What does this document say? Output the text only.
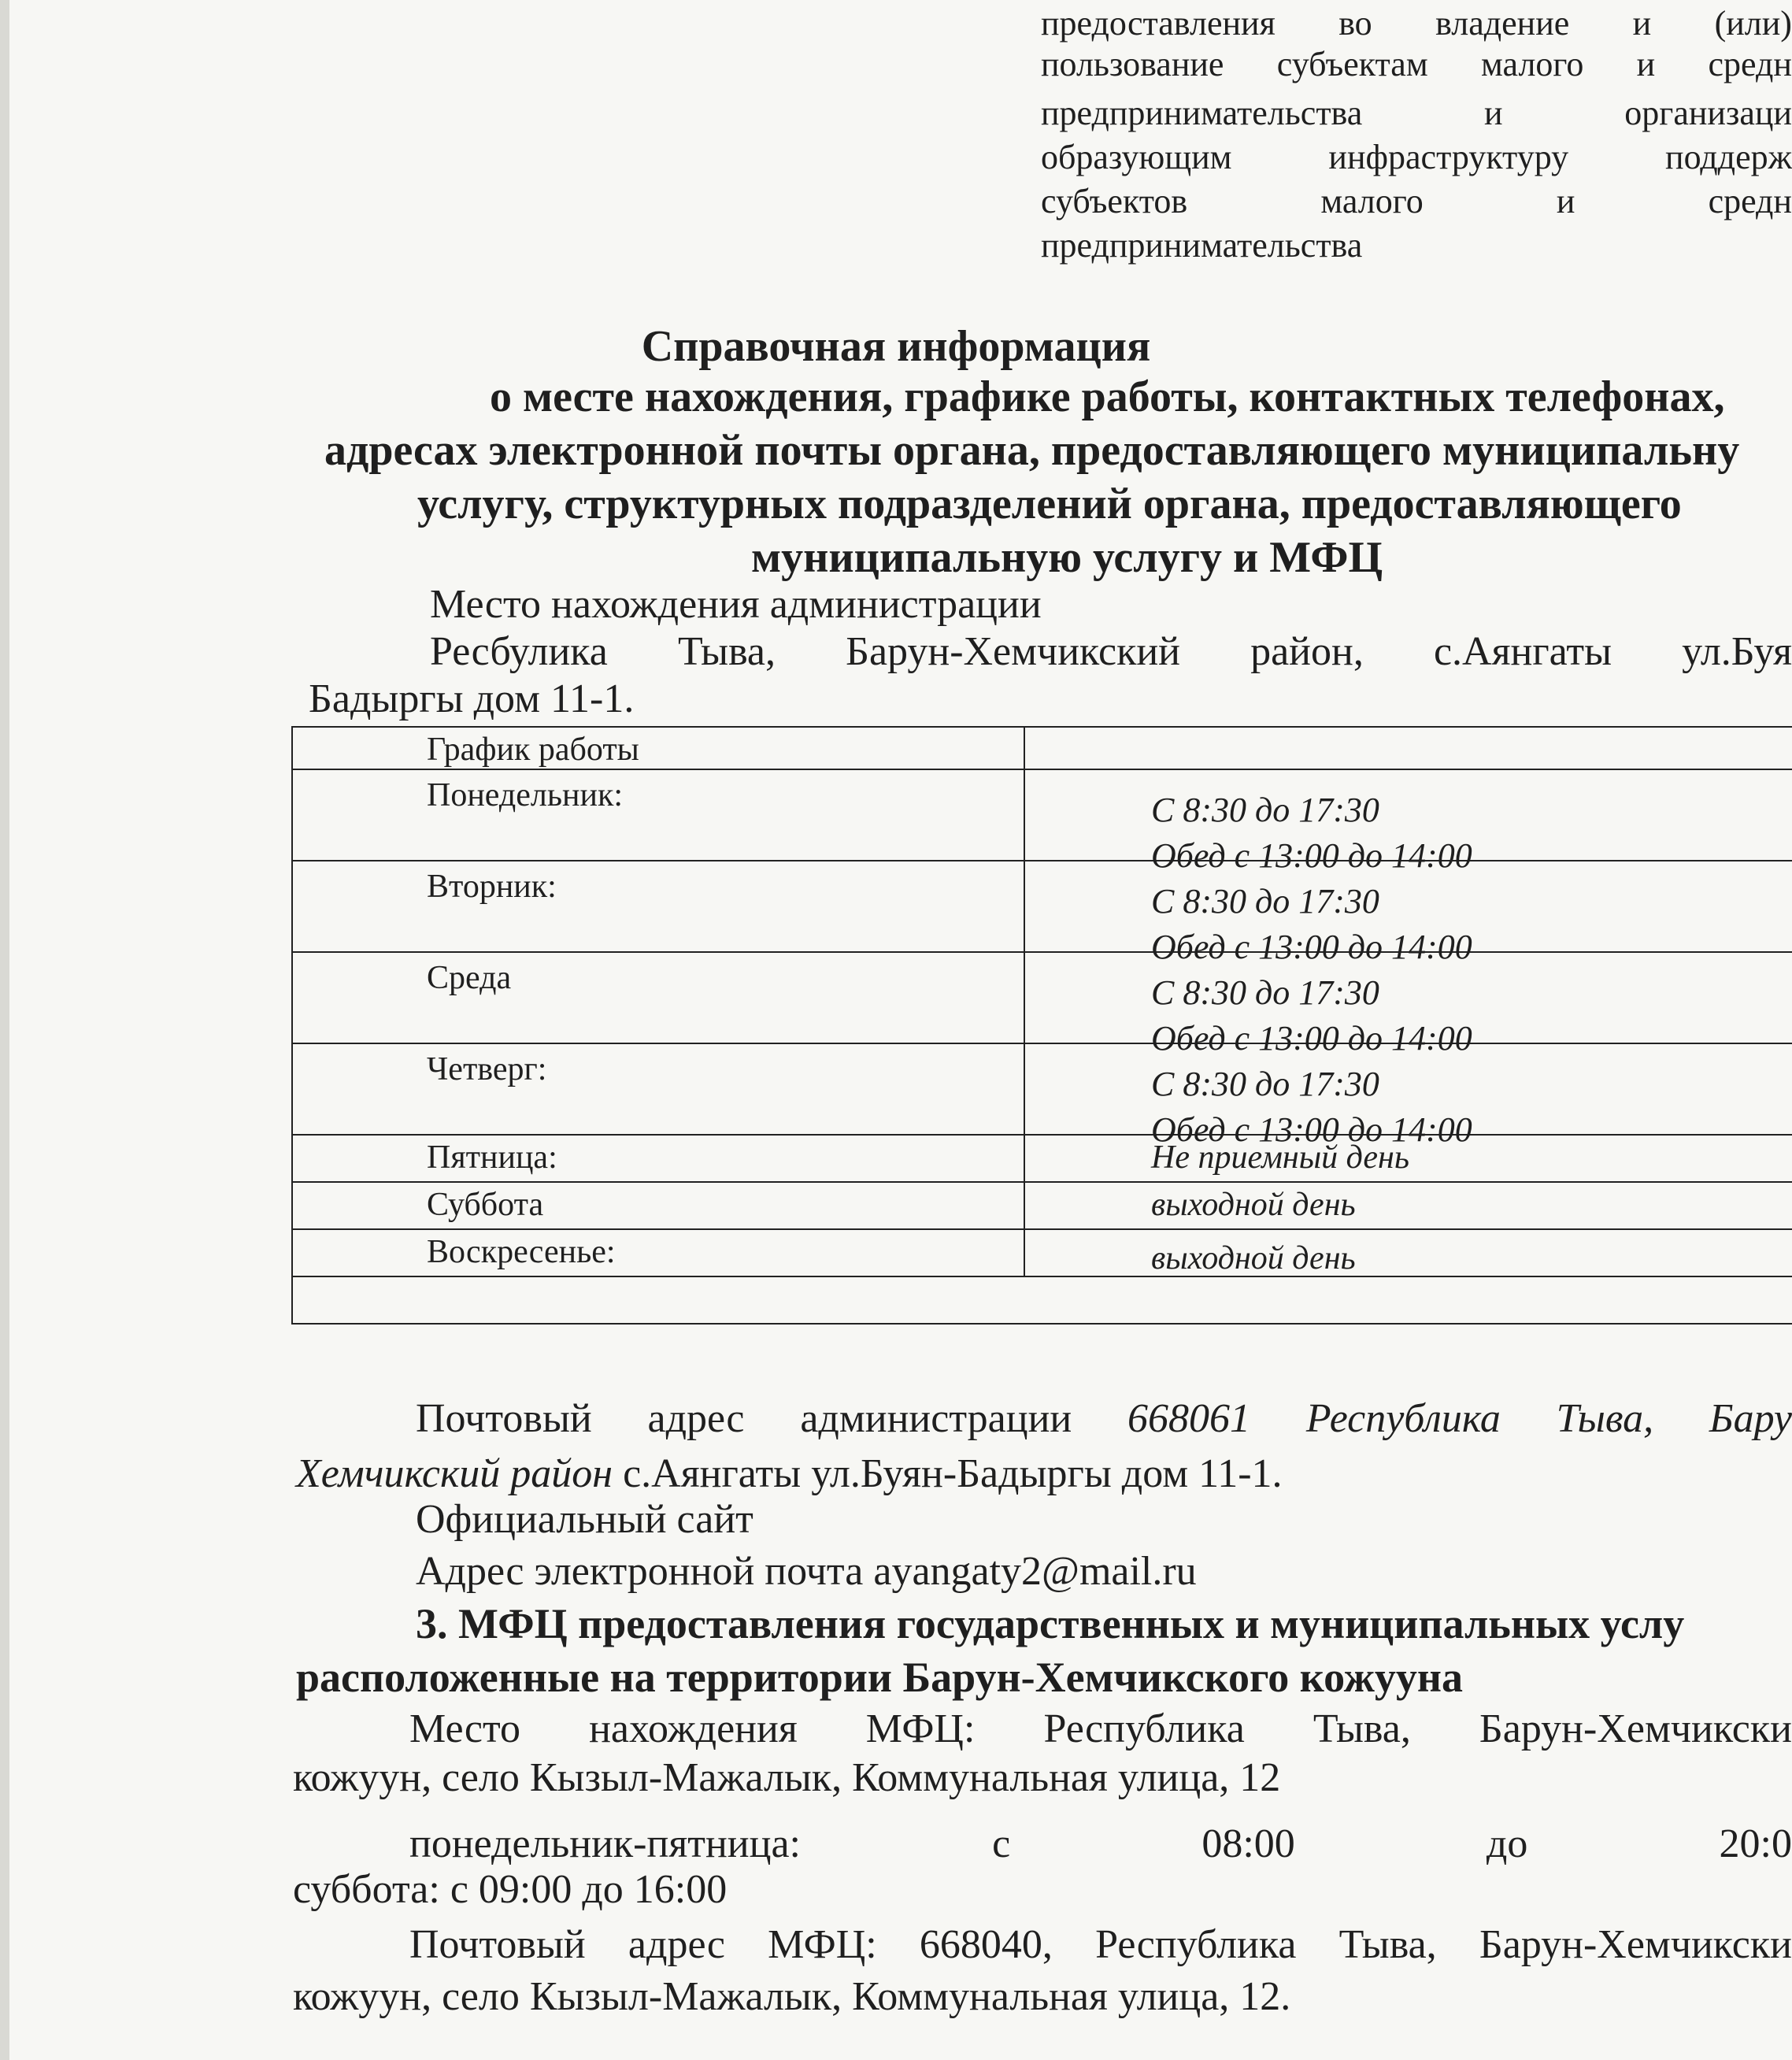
предоставления во владение и (или)
пользование субъектам малого и средн
предпринимательства	и	организаци
образующим	инфраструктуру	поддерж
субъектов	малого	и	средн
предпринимательства
Справочная информация
о месте нахождения, графике работы, контактных телефонах,
адресах электронной почты органа, предоставляющего муниципальну
услугу, структурных подразделений органа, предоставляющего
муниципальную услугу и МФЦ
Место нахождения администрации
Ресбулика Тыва, Барун-Хемчикский район, с.Аянгаты ул.Буя
Бадыргы дом 11-1.
График работы
Понедельник:	С 8:30 до 17:30
Обед с 13:00 до 14:00
Вторник:	С 8:30 до 17:30
Обед с 13:00 до 14:00
Среда	С 8:30 до 17:30
Обед с 13:00 до 14:00
Четверг:	С 8:30 до 17:30
Обед с 13:00 до 14:00
Пятница:	Не приемный день
Суббота	выходной день
Воскресенье:	выходной день
Почтовый адрес администрации 668061 Республика Тыва, Бару
Хемчикский район с.Аянгаты ул.Буян-Бадыргы дом 11-1.
Официальный сайт
Адрес электронной почта ayangaty2@mail.ru
3. МФЦ предоставления государственных и муниципальных услу
расположенные на территории Барун-Хемчикского кожууна
Место нахождения МФЦ: Республика Тыва, Барун-Хемчикски
кожуун, село Кызыл-Мажалык, Коммунальная улица, 12
понедельник-пятница:	с	08:00	до	20:0
суббота: с 09:00 до 16:00
Почтовый адрес МФЦ: 668040, Республика Тыва, Барун-Хемчикски
кожуун, село Кызыл-Мажалык, Коммунальная улица, 12.
